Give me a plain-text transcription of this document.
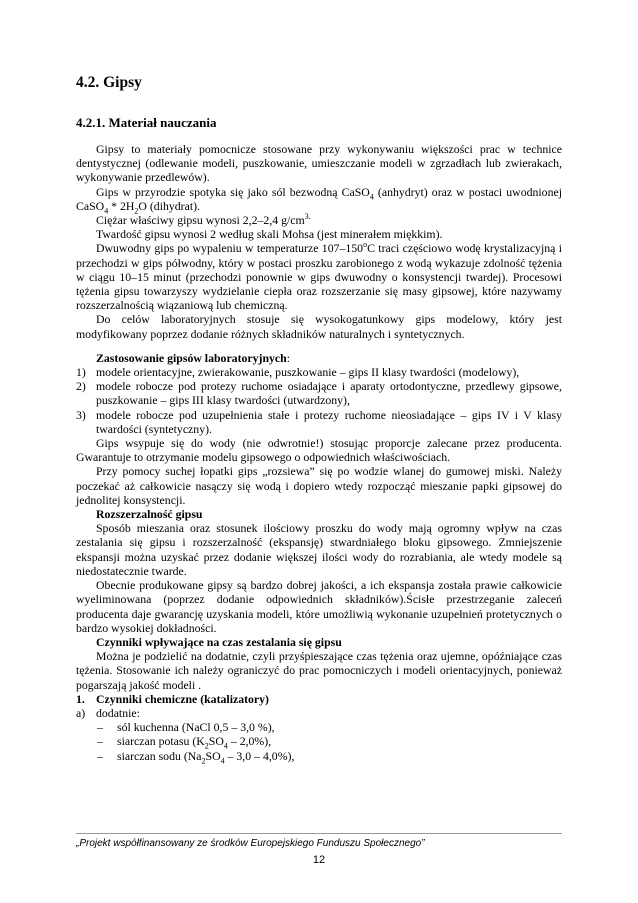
4.2. Gipsy
4.2.1. Materiał nauczania

Gipsy to materiały pomocnicze stosowane przy wykonywaniu większości prac w technice dentystycznej (odlewanie modeli, puszkowanie, umieszczanie modeli w zgrzadłach lub zwierakach, wykonywanie przedlewów).

Gips w przyrodzie spotyka się jako sól bezwodną CaSO$_4$ (anhydryt) oraz w postaci uwodnionej CaSO$_4$ * $2H_2O$ (dihydrat).

Ciężar właściwy gipsu wynosi 2,2–2,4 $g/cm^{3.}$

Twardość gipsu wynosi 2 według skali Mohsa (jest minerałem miękkim).

Dwuwodny gips po wypaleniu w temperaturze 107–150$^o$C traci częściowo wodę krystalizacyjną i przechodzi w gips półwodny, który w postaci proszku zarobionego z wodą wykazuje zdolność tężenia w ciągu 10–15 minut (przechodzi ponownie w gips dwuwodny o konsystencji twardej). Procesowi tężenia gipsu towarzyszy wydzielanie ciepła oraz rozszerzanie się masy gipsowej, które nazywamy rozszerzalnością wiązaniową lub chemiczną.

Do celów laboratoryjnych stosuje się wysokogatunkowy gips modelowy, który jest modyfikowany poprzez dodanie różnych składników naturalnych i syntetycznych.

Zastosowanie gipsów laboratoryjnych:

1) modele orientacyjne, zwierakowanie, puszkowanie – gips II klasy twardości (modelowy),

2) modele robocze pod protezy ruchome osiadające i aparaty ortodontyczne, przedlewy gipsowe, puszkowanie – gips III klasy twardości (utwardzony),

3) modele robocze pod uzupełnienia stałe i protezy ruchome nieosiadające – gips IV i V klasy twardości (syntetyczny).

Gips wsypuje się do wody (nie odwrotnie!) stosując proporcje zalecane przez producenta. Gwarantuje to otrzymanie modelu gipsowego o odpowiednich właściwościach.

Przy pomocy suchej łopatki gips „rozsiewa” się po wodzie wlanej do gumowej miski. Należy poczekać aż całkowicie nasączy się wodą i dopiero wtedy rozpocząć mieszanie papki gipsowej do jednolitej konsystencji.

Rozszerzalność gipsu

Sposób mieszania oraz stosunek ilościowy proszku do wody mają ogromny wpływ na czas zestalania się gipsu i rozszerzalność (ekspansję) stwardniałego bloku gipsowego. Zmniejszenie ekspansji można uzyskać przez dodanie większej ilości wody do rozrabiania, ale wtedy modele są niedostatecznie twarde.

Obecnie produkowane gipsy są bardzo dobrej jakości, a ich ekspansja została prawie całkowicie wyeliminowana (poprzez dodanie odpowiednich składników).Ścisłe przestrzeganie zaleceń producenta daje gwarancję uzyskania modeli, które umożliwią wykonanie uzupełnień protetycznych o bardzo wysokiej dokładności.

Czynniki wpływające na czas zestalania się gipsu

Można je podzielić na dodatnie, czyli przyśpieszające czas tężenia oraz ujemne, opóźniające czas tężenia. Stosowanie ich należy ograniczyć do prac pomocniczych i modeli orientacyjnych, ponieważ pogarszają jakość modeli .

1. Czynniki chemiczne (katalizatory)

a) dodatnie:

– sól kuchenna (NaCl 0,5 – 3,0 %),

– siarczan potasu $(K_2SO_4 - 2,0\%)$,

– siarczan sodu $(Na_2SO_4 - 3,0 - 4,0\%)$,

„Projekt współfinansowany ze środków Europejskiego Funduszu Społecznego”
12
